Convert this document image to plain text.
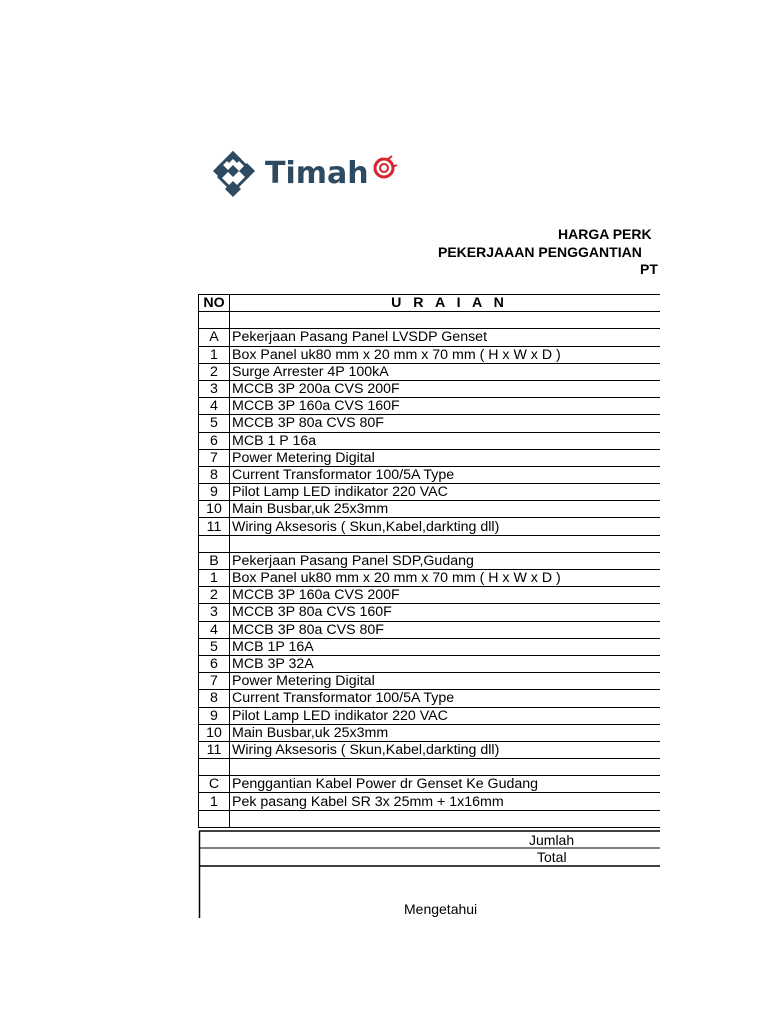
Timah
HARGA PERK
PEKERJAAAN PENGGANTIAN
PT
NO	U R A I A N

A	Pekerjaan Pasang Panel LVSDP Genset
1	Box Panel uk80 mm x 20 mm x 70 mm ( H x W x D )
2	Surge Arrester 4P 100kA
3	MCCB 3P 200a CVS 200F
4	MCCB 3P 160a CVS 160F
5	MCCB 3P 80a CVS 80F
6	MCB 1 P 16a
7	Power Metering Digital
8	Current Transformator 100/5A Type
9	Pilot Lamp LED indikator 220 VAC
10	Main Busbar,uk 25x3mm
11	Wiring Aksesoris ( Skun,Kabel,darkting dll)

B	Pekerjaan Pasang Panel SDP,Gudang
1	Box Panel uk80 mm x 20 mm x 70 mm ( H x W x D )
2	MCCB 3P 160a CVS 200F
3	MCCB 3P 80a CVS 160F
4	MCCB 3P 80a CVS 80F
5	MCB 1P 16A
6	MCB 3P 32A
7	Power Metering Digital
8	Current Transformator 100/5A Type
9	Pilot Lamp LED indikator 220 VAC
10	Main Busbar,uk 25x3mm
11	Wiring Aksesoris ( Skun,Kabel,darkting dll)

C	Penggantian Kabel Power dr Genset Ke Gudang
1	Pek pasang Kabel SR 3x 25mm + 1x16mm

Jumlah
Total
Mengetahui
